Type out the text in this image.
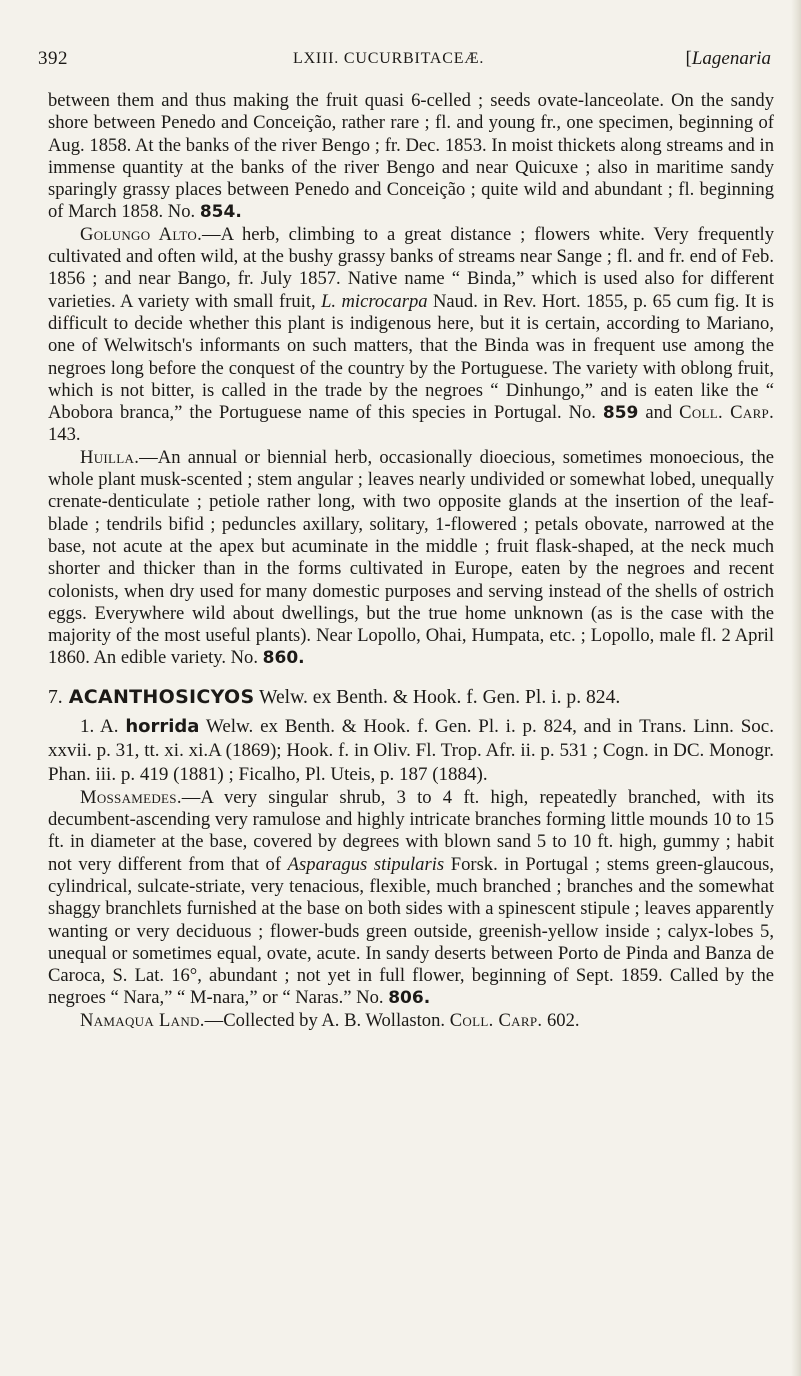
392	LXIII. CUCURBITACEÆ.	[Lagenaria

between them and thus making the fruit quasi 6-celled ; seeds ovate-lanceolate. On the sandy shore between Penedo and Conceição, rather rare ; fl. and young fr., one specimen, beginning of Aug. 1858. At the banks of the river Bengo ; fr. Dec. 1853. In moist thickets along streams and in immense quantity at the banks of the river Bengo and near Quicuxe ; also in maritime sandy sparingly grassy places between Penedo and Conceição ; quite wild and abundant ; fl. beginning of March 1858. No. 854.

Golungo Alto.—A herb, climbing to a great distance ; flowers white. Very frequently cultivated and often wild, at the bushy grassy banks of streams near Sange ; fl. and fr. end of Feb. 1856 ; and near Bango, fr. July 1857. Native name “ Binda,” which is used also for different varieties. A variety with small fruit, L. microcarpa Naud. in Rev. Hort. 1855, p. 65 cum fig. It is difficult to decide whether this plant is indigenous here, but it is certain, according to Mariano, one of Welwitsch's informants on such matters, that the Binda was in frequent use among the negroes long before the conquest of the country by the Portuguese. The variety with oblong fruit, which is not bitter, is called in the trade by the negroes “ Dinhungo,” and is eaten like the “ Abobora branca,” the Portuguese name of this species in Portugal. No. 859 and Coll. Carp. 143.

Huilla.—An annual or biennial herb, occasionally dioecious, sometimes monoecious, the whole plant musk-scented ; stem angular ; leaves nearly undivided or somewhat lobed, unequally crenate-denticulate ; petiole rather long, with two opposite glands at the insertion of the leaf-blade ; tendrils bifid ; peduncles axillary, solitary, 1-flowered ; petals obovate, narrowed at the base, not acute at the apex but acuminate in the middle ; fruit flask-shaped, at the neck much shorter and thicker than in the forms cultivated in Europe, eaten by the negroes and recent colonists, when dry used for many domestic purposes and serving instead of the shells of ostrich eggs. Everywhere wild about dwellings, but the true home unknown (as is the case with the majority of the most useful plants). Near Lopollo, Ohai, Humpata, etc. ; Lopollo, male fl. 2 April 1860. An edible variety. No. 860.

7. ACANTHOSICYOS Welw. ex Benth. & Hook. f. Gen. Pl. i. p. 824.

1. A. horrida Welw. ex Benth. & Hook. f. Gen. Pl. i. p. 824, and in Trans. Linn. Soc. xxvii. p. 31, tt. xi. xi.A (1869); Hook. f. in Oliv. Fl. Trop. Afr. ii. p. 531 ; Cogn. in DC. Monogr. Phan. iii. p. 419 (1881) ; Ficalho, Pl. Uteis, p. 187 (1884).

Mossamedes.—A very singular shrub, 3 to 4 ft. high, repeatedly branched, with its decumbent-ascending very ramulose and highly intricate branches forming little mounds 10 to 15 ft. in diameter at the base, covered by degrees with blown sand 5 to 10 ft. high, gummy ; habit not very different from that of Asparagus stipularis Forsk. in Portugal ; stems green-glaucous, cylindrical, sulcate-striate, very tenacious, flexible, much branched ; branches and the somewhat shaggy branchlets furnished at the base on both sides with a spinescent stipule ; leaves apparently wanting or very deciduous ; flower-buds green outside, greenish-yellow inside ; calyx-lobes 5, unequal or sometimes equal, ovate, acute. In sandy deserts between Porto de Pinda and Banza de Caroca, S. Lat. 16°, abundant ; not yet in full flower, beginning of Sept. 1859. Called by the negroes “ Nara,” “ M-nara,” or “ Naras.” No. 806.

Namaqua Land.—Collected by A. B. Wollaston. Coll. Carp. 602.
